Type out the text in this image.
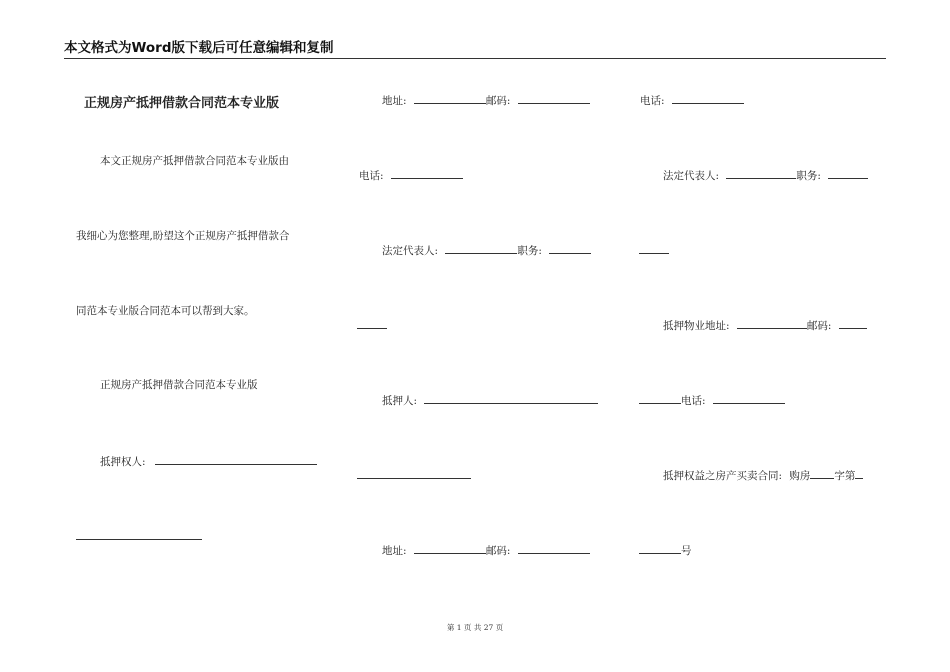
本文格式为Word版下载后可任意编辑和复制
正规房产抵押借款合同范本专业版
本文正规房产抵押借款合同范本专业版由
我细心为您整理,盼望这个正规房产抵押借款合
同范本专业版合同范本可以帮到大家。
正规房产抵押借款合同范本专业版
抵押权人:
地址:	邮码:
电话:
法定代表人:	职务:
抵押人:
地址:	邮码:
电话:
法定代表人:	职务:
抵押物业地址:	邮码:
电话:
抵押权益之房产买卖合同: 购房 字第
号
第 1 页 共 27 页
